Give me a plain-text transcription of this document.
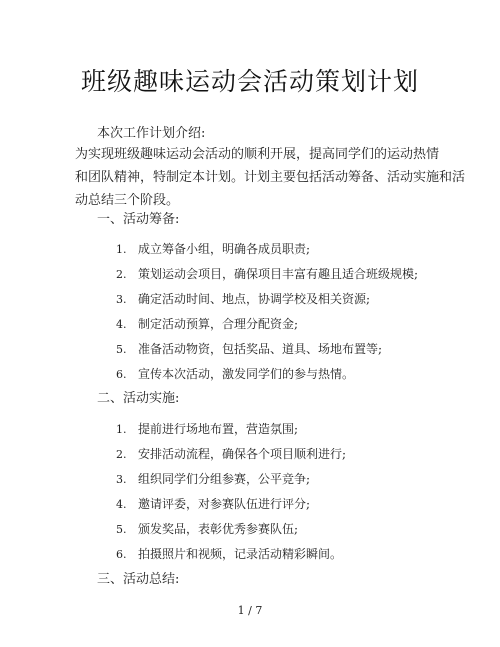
班级趣味运动会活动策划计划
本次工作计划介绍:
为实现班级趣味运动会活动的顺利开展，提高同学们的运动热情
和团队精神，特制定本计划。计划主要包括活动筹备、活动实施和活
动总结三个阶段。
一、活动筹备:
1. 成立筹备小组，明确各成员职责;
2. 策划运动会项目，确保项目丰富有趣且适合班级规模;
3. 确定活动时间、地点，协调学校及相关资源;
4. 制定活动预算，合理分配资金;
5. 准备活动物资，包括奖品、道具、场地布置等;
6. 宣传本次活动，激发同学们的参与热情。
二、活动实施:
1. 提前进行场地布置，营造氛围;
2. 安排活动流程，确保各个项目顺利进行;
3. 组织同学们分组参赛，公平竞争;
4. 邀请评委，对参赛队伍进行评分;
5. 颁发奖品，表彰优秀参赛队伍;
6. 拍摄照片和视频，记录活动精彩瞬间。
三、活动总结:
1 / 7
